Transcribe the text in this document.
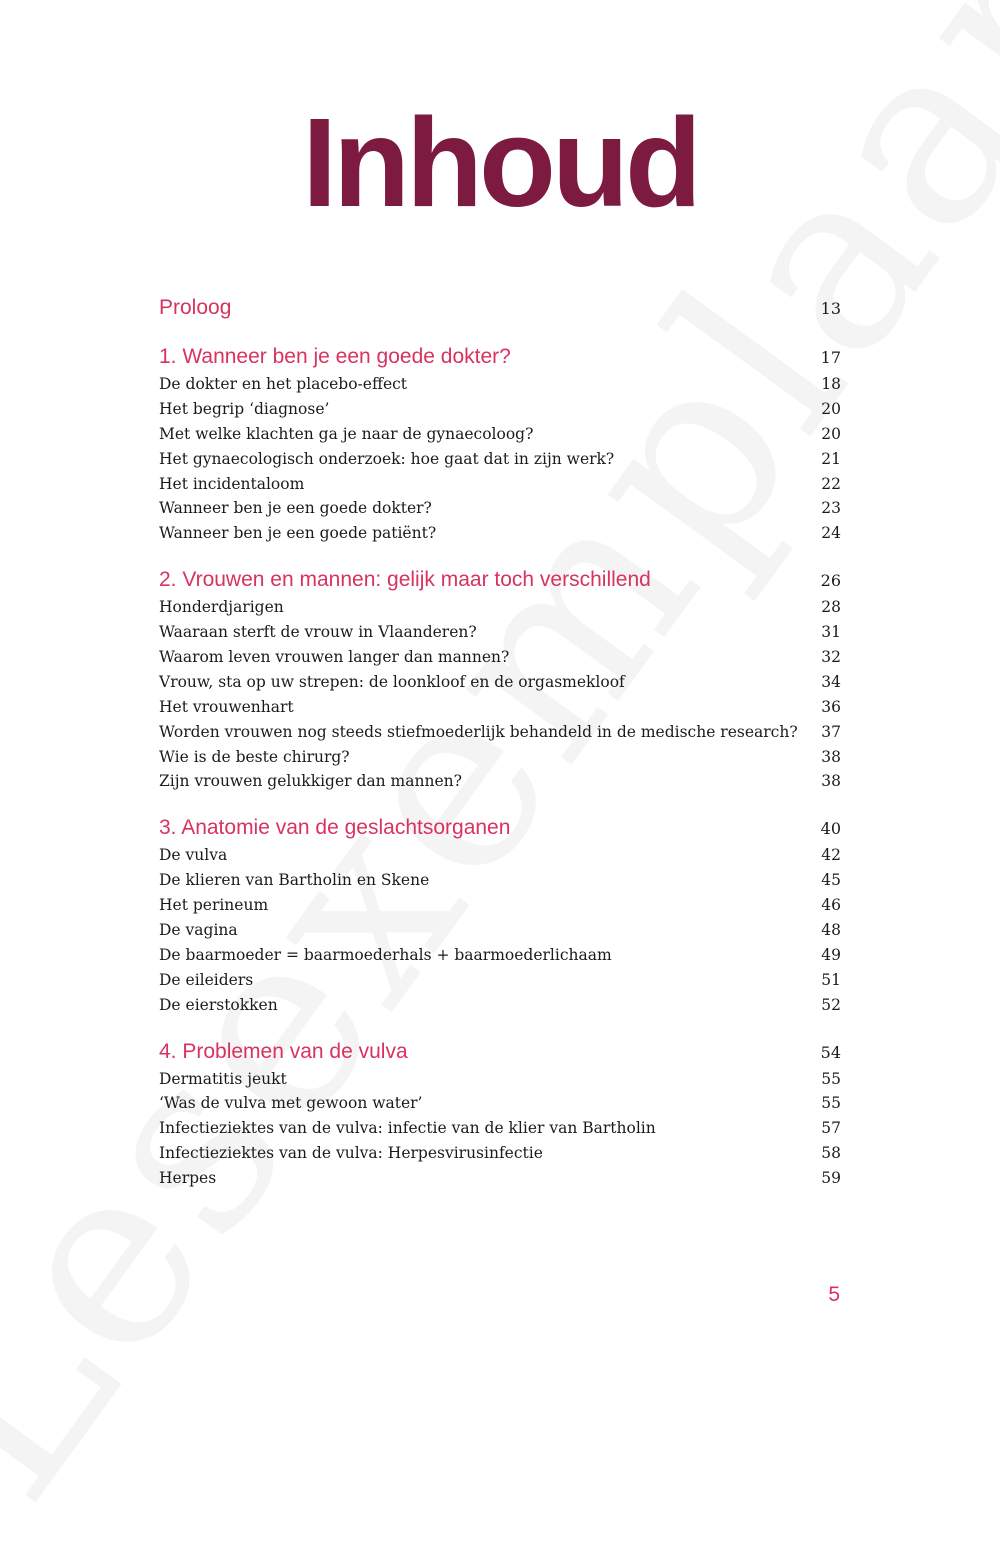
Inhoud
Proloog	13
1. Wanneer ben je een goede dokter?	17
De dokter en het placebo-effect	18
Het begrip ‘diagnose’	20
Met welke klachten ga je naar de gynaecoloog?	20
Het gynaecologisch onderzoek: hoe gaat dat in zijn werk?	21
Het incidentaloom	22
Wanneer ben je een goede dokter?	23
Wanneer ben je een goede patiënt?	24
2. Vrouwen en mannen: gelijk maar toch verschillend	26
Honderdjarigen	28
Waaraan sterft de vrouw in Vlaanderen?	31
Waarom leven vrouwen langer dan mannen?	32
Vrouw, sta op uw strepen: de loonkloof en de orgasmekloof	34
Het vrouwenhart	36
Worden vrouwen nog steeds stiefmoederlijk behandeld in de medische research? 37
Wie is de beste chirurg?	38
Zijn vrouwen gelukkiger dan mannen?	38
3. Anatomie van de geslachtsorganen	40
De vulva	42
De klieren van Bartholin en Skene	45
Het perineum	46
De vagina	48
De baarmoeder = baarmoederhals + baarmoederlichaam	49
De eileiders	51
De eierstokken	52
4. Problemen van de vulva	54
Dermatitis jeukt	55
‘Was de vulva met gewoon water’	55
Infectieziektes van de vulva: infectie van de klier van Bartholin	57
Infectieziektes van de vulva: Herpesvirusinfectie	58
Herpes	59
5
